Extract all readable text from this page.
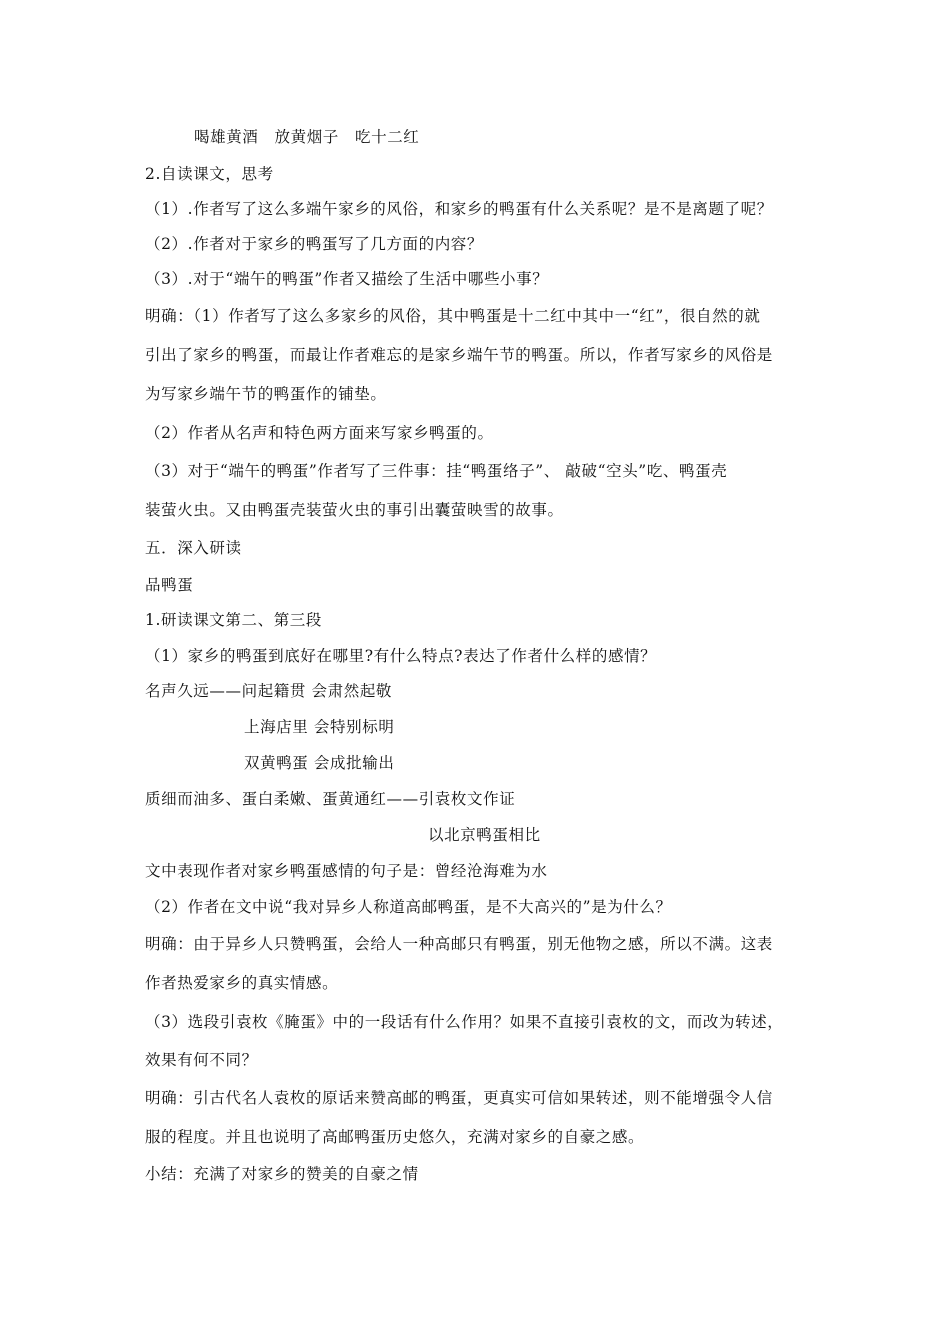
喝雄黄酒　放黄烟子　吃十二红
2.自读课文，思考
（1）.作者写了这么多端午家乡的风俗，和家乡的鸭蛋有什么关系呢？是不是离题了呢？
（2）.作者对于家乡的鸭蛋写了几方面的内容？
（3）.对于“端午的鸭蛋”作者又描绘了生活中哪些小事？
明确：（1）作者写了这么多家乡的风俗，其中鸭蛋是十二红中其中一“红”，很自然的就
引出了家乡的鸭蛋，而最让作者难忘的是家乡端午节的鸭蛋。所以，作者写家乡的风俗是
为写家乡端午节的鸭蛋作的铺垫。
（2）作者从名声和特色两方面来写家乡鸭蛋的。
（3）对于“端午的鸭蛋”作者写了三件事：挂“鸭蛋络子”、 敲破“空头”吃、鸭蛋壳
装萤火虫。又由鸭蛋壳装萤火虫的事引出囊萤映雪的故事。
五．深入研读
品鸭蛋
1.研读课文第二、第三段
（1）家乡的鸭蛋到底好在哪里?有什么特点?表达了作者什么样的感情？
名声久远——问起籍贯 会肃然起敬
上海店里 会特别标明
双黄鸭蛋 会成批输出
质细而油多、蛋白柔嫩、蛋黄通红——引袁枚文作证
以北京鸭蛋相比
文中表现作者对家乡鸭蛋感情的句子是：曾经沧海难为水
（2）作者在文中说“我对异乡人称道高邮鸭蛋，是不大高兴的”是为什么？
明确：由于异乡人只赞鸭蛋，会给人一种高邮只有鸭蛋，别无他物之感，所以不满。这表
作者热爱家乡的真实情感。
（3）选段引袁枚《腌蛋》中的一段话有什么作用？如果不直接引袁枚的文，而改为转述，
效果有何不同？
明确：引古代名人袁枚的原话来赞高邮的鸭蛋，更真实可信如果转述，则不能增强令人信
服的程度。并且也说明了高邮鸭蛋历史悠久，充满对家乡的自豪之感。
小结：充满了对家乡的赞美的自豪之情
